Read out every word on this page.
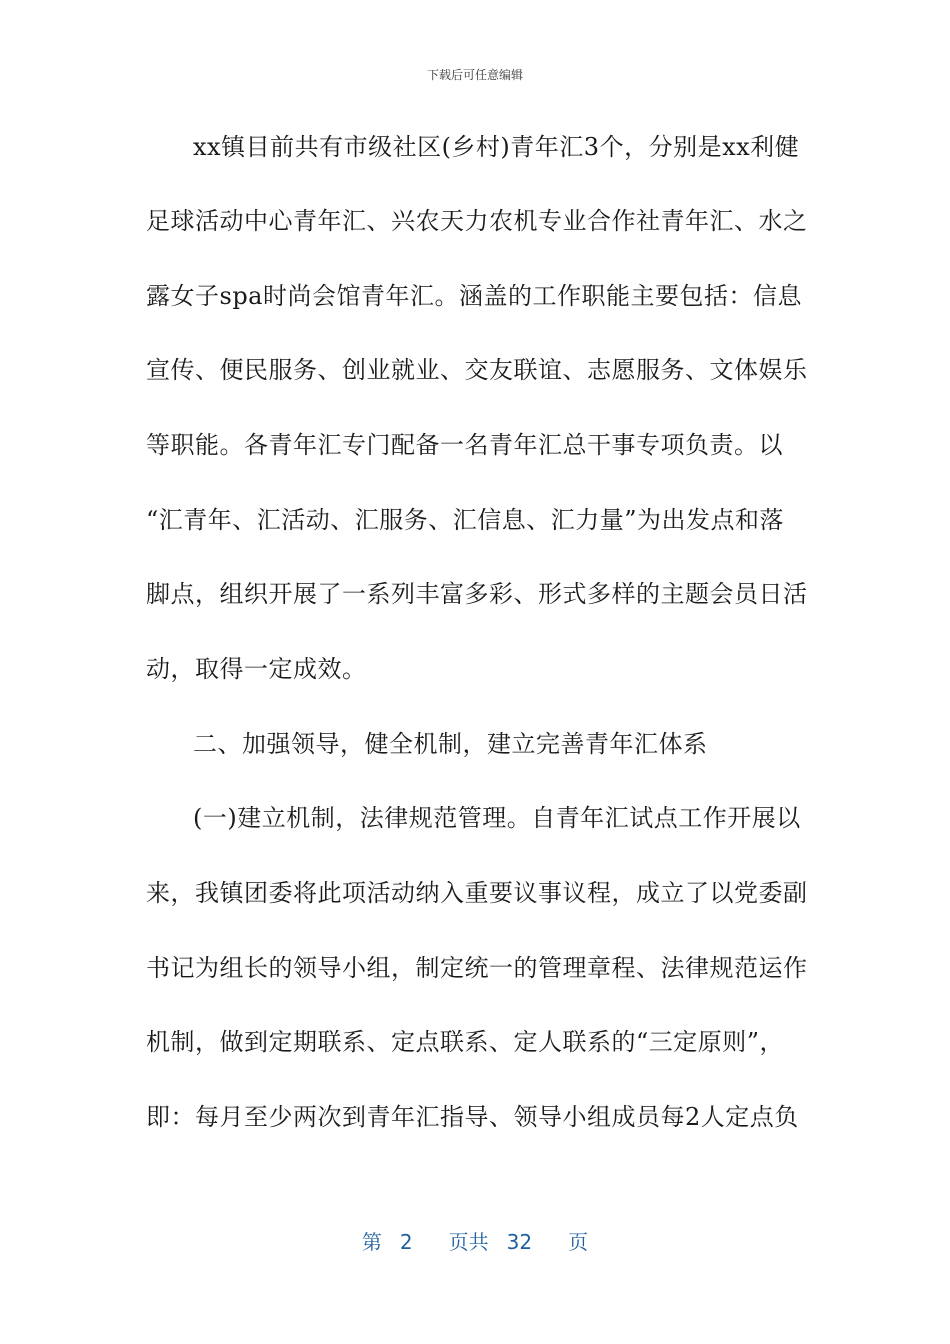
下载后可任意编辑
xx镇目前共有市级社区(乡村)青年汇3个，分别是xx利健
足球活动中心青年汇、兴农天力农机专业合作社青年汇、水之
露女子spa时尚会馆青年汇。涵盖的工作职能主要包括：信息
宣传、便民服务、创业就业、交友联谊、志愿服务、文体娱乐
等职能。各青年汇专门配备一名青年汇总干事专项负责。以
“汇青年、汇活动、汇服务、汇信息、汇力量”为出发点和落
脚点，组织开展了一系列丰富多彩、形式多样的主题会员日活
动，取得一定成效。
二、加强领导，健全机制，建立完善青年汇体系
(一)建立机制，法律规范管理。自青年汇试点工作开展以
来，我镇团委将此项活动纳入重要议事议程，成立了以党委副
书记为组长的领导小组，制定统一的管理章程、法律规范运作
机制，做到定期联系、定点联系、定人联系的“三定原则”，
即：每月至少两次到青年汇指导、领导小组成员每2人定点负
第 2 页共 32 页
